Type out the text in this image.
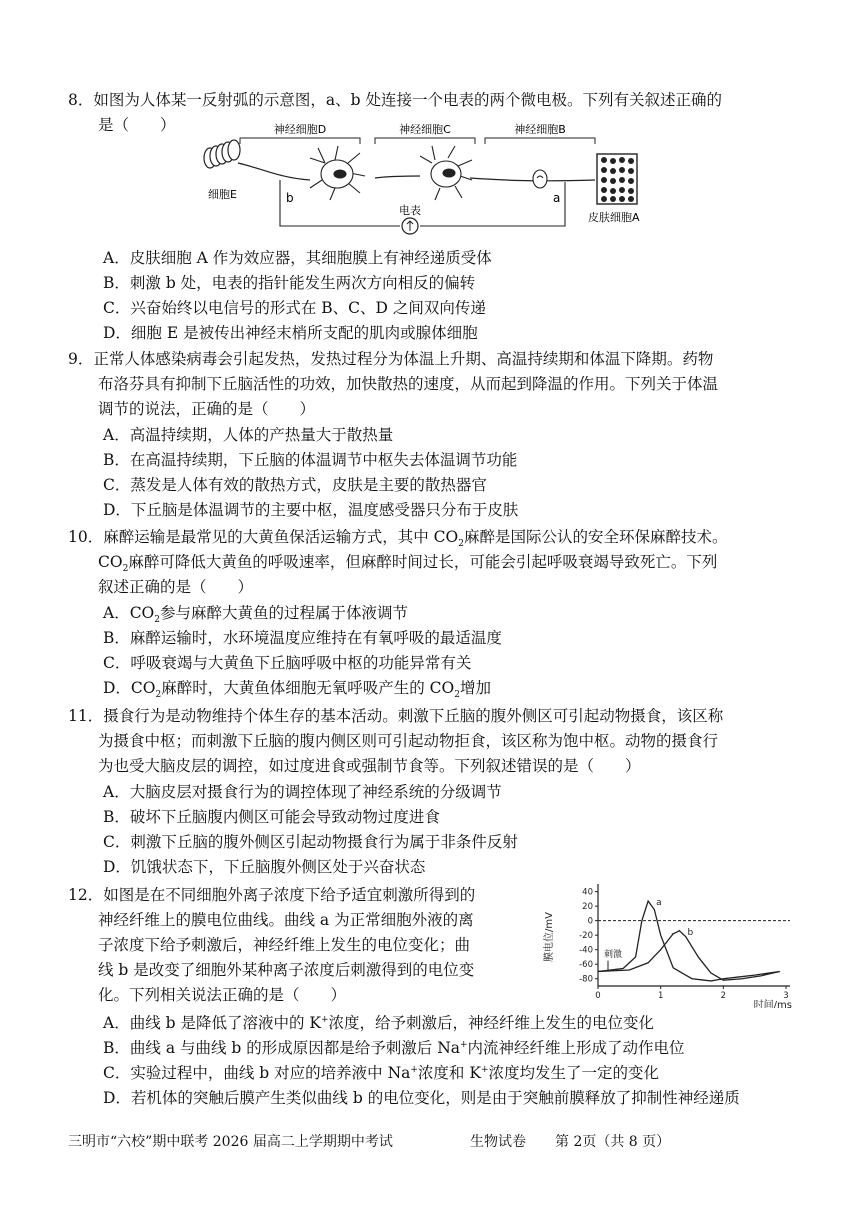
8．如图为人体某一反射弧的示意图，a、b 处连接一个电表的两个微电极。下列有关叙述正确的
是（　　）	神经细胞D	神经细胞C	神经细胞B
细胞E
皮肤细胞A
b	a
电表
A．皮肤细胞 A 作为效应器，其细胞膜上有神经递质受体
B．刺激 b 处，电表的指针能发生两次方向相反的偏转
C．兴奋始终以电信号的形式在 B、C、D 之间双向传递
D．细胞 E 是被传出神经末梢所支配的肌肉或腺体细胞
9．正常人体感染病毒会引起发热，发热过程分为体温上升期、高温持续期和体温下降期。药物
布洛芬具有抑制下丘脑活性的功效，加快散热的速度，从而起到降温的作用。下列关于体温
调节的说法，正确的是（　　）
A．高温持续期，人体的产热量大于散热量
B．在高温持续期，下丘脑的体温调节中枢失去体温调节功能
C．蒸发是人体有效的散热方式，皮肤是主要的散热器官
D．下丘脑是体温调节的主要中枢，温度感受器只分布于皮肤
10．麻醉运输是最常见的大黄鱼保活运输方式，其中 $CO_2$麻醉是国际公认的安全环保麻醉技术。
$CO_2$麻醉可降低大黄鱼的呼吸速率，但麻醉时间过长，可能会引起呼吸衰竭导致死亡。下列
叙述正确的是（　　）
A．$CO_2$参与麻醉大黄鱼的过程属于体液调节
B．麻醉运输时，水环境温度应维持在有氧呼吸的最适温度
C．呼吸衰竭与大黄鱼下丘脑呼吸中枢的功能异常有关
D．$CO_2$麻醉时，大黄鱼体细胞无氧呼吸产生的 $CO_2$增加
11．摄食行为是动物维持个体生存的基本活动。刺激下丘脑的腹外侧区可引起动物摄食，该区称
为摄食中枢；而刺激下丘脑的腹内侧区则可引起动物拒食，该区称为饱中枢。动物的摄食行
为也受大脑皮层的调控，如过度进食或强制节食等。下列叙述错误的是（　　）
A．大脑皮层对摄食行为的调控体现了神经系统的分级调节
B．破坏下丘脑腹内侧区可能会导致动物过度进食
C．刺激下丘脑的腹外侧区引起动物摄食行为属于非条件反射
D．饥饿状态下，下丘脑腹外侧区处于兴奋状态
12．如图是在不同细胞外离子浓度下给予适宜刺激所得到的
神经纤维上的膜电位曲线。曲线 a 为正常细胞外液的离
子浓度下给予刺激后，神经纤维上发生的电位变化；曲
线 b 是改变了细胞外某种离子浓度后刺激得到的电位变
化。下列相关说法正确的是（　　）
40
20
0
-20
-40
-60
-80
0	1	2	3
膜电位/mV
时间/ms
刺激
a
b
A．曲线 b 是降低了溶液中的 K+浓度，给予刺激后，神经纤维上发生的电位变化
B．曲线 a 与曲线 b 的形成原因都是给予刺激后 Na+内流神经纤维上形成了动作电位
C．实验过程中，曲线 b 对应的培养液中 Na+浓度和 K+浓度均发生了一定的变化
D．若机体的突触后膜产生类似曲线 b 的电位变化，则是由于突触前膜释放了抑制性神经递质
三明市“六校”期中联考 2026 届高二上学期期中考试	生物试卷 第 2页（共 8 页）
